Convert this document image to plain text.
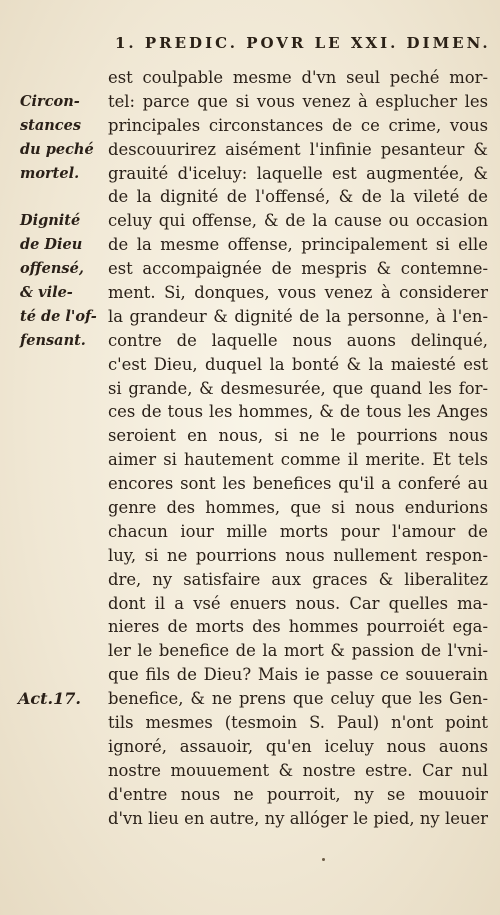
1. PREDIC. POVR LE XXI. DIMEN.
est coulpable mesme d'vn seul peché mor-
tel: parce que si vous venez à esplucher les
principales circonstances de ce crime, vous
descouurirez aisément l'infinie pesanteur &
grauité d'iceluy: laquelle est augmentée, &
de la dignité de l'offensé, & de la vileté de
celuy qui offense, & de la cause ou occasion
de la mesme offense, principalement si elle
est accompaignée de mespris & contemne-
ment. Si, donques, vous venez à considerer
la grandeur & dignité de la personne, à l'en-
contre de laquelle nous auons delinqué,
c'est Dieu, duquel la bonté & la maiesté est
si grande, & desmesurée, que quand les for-
ces de tous les hommes, & de tous les Anges
seroient en nous, si ne le pourrions nous
aimer si hautement comme il merite. Et tels
encores sont les benefices qu'il a conferé au
genre des hommes, que si nous endurions
chacun iour mille morts pour l'amour de
luy, si ne pourrions nous nullement respon-
dre, ny satisfaire aux graces & liberalitez
dont il a vsé enuers nous. Car quelles ma-
nieres de morts des hommes pourroiét ega-
ler le benefice de la mort & passion de l'vni-
que fils de Dieu? Mais ie passe ce souuerain
benefice, & ne prens que celuy que les Gen-
tils mesmes (tesmoin S. Paul) n'ont point
ignoré, assauoir, qu'en iceluy nous auons
nostre mouuement & nostre estre. Car nul
d'entre nous ne pourroit, ny se mouuoir
d'vn lieu en autre, ny allóger le pied, ny leuer
Circon-
stances
du peché
mortel.
Dignité
de Dieu
offensé,
& vile-
té de l'of-
fensant.
Act.17.
